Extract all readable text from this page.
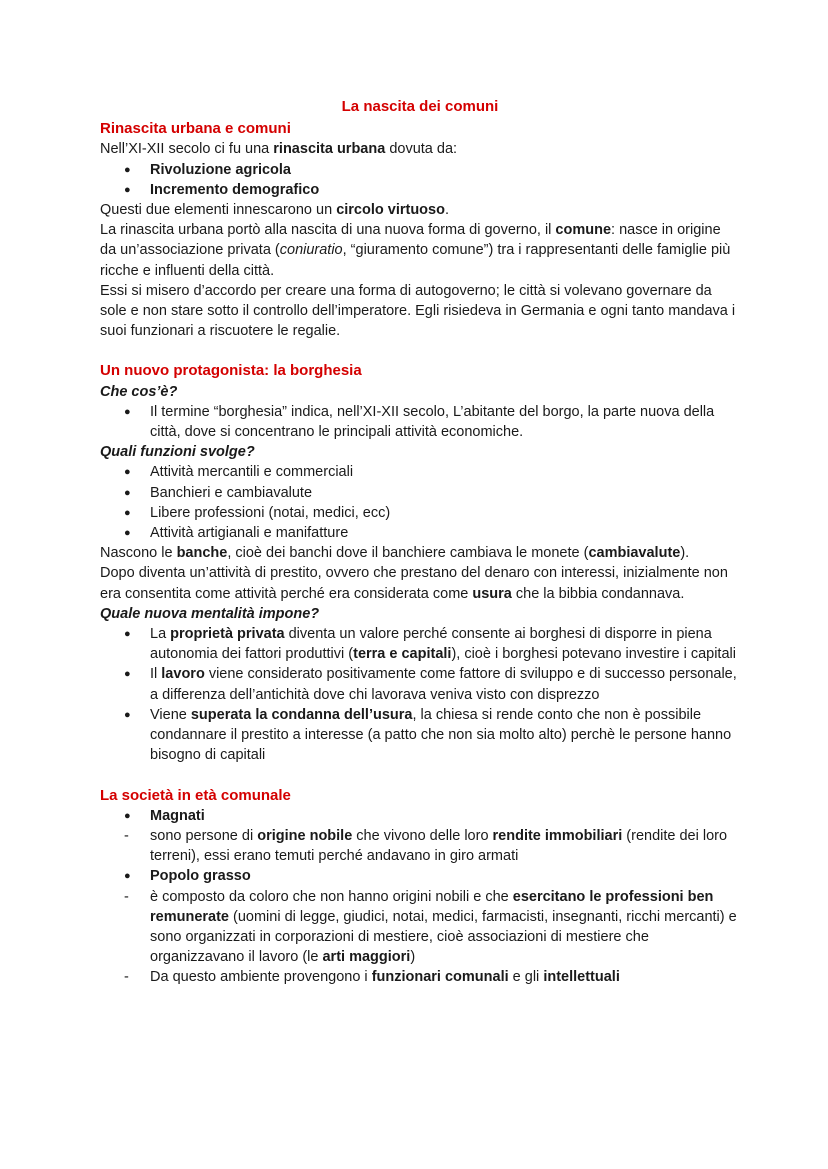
La nascita dei comuni

Rinascita urbana e comuni

Nell’XI-XII secolo ci fu una rinascita urbana dovuta da:

● Rivoluzione agricola
● Incremento demografico

Questi due elementi innescarono un circolo virtuoso.

La rinascita urbana portò alla nascita di una nuova forma di governo, il comune: nasce in origine da un’associazione privata (coniuratio, “giuramento comune”) tra i rappresentanti delle famiglie più ricche e influenti della città.

Essi si misero d’accordo per creare una forma di autogoverno; le città si volevano governare da sole e non stare sotto il controllo dell’imperatore. Egli risiedeva in Germania e ogni tanto mandava i suoi funzionari a riscuotere le regalie.

Un nuovo protagonista: la borghesia

Che cos’è?

● Il termine “borghesia” indica, nell’XI-XII secolo, L’abitante del borgo, la parte nuova della città, dove si concentrano le principali attività economiche.

Quali funzioni svolge?

● Attività mercantili e commerciali
● Banchieri e cambiavalute
● Libere professioni (notai, medici, ecc)
● Attività artigianali e manifatture

Nascono le banche, cioè dei banchi dove il banchiere cambiava le monete (cambiavalute).

Dopo diventa un’attività di prestito, ovvero che prestano del denaro con interessi, inizialmente non era consentita come attività perché era considerata come usura che la bibbia condannava.

Quale nuova mentalità impone?

● La proprietà privata diventa un valore perché consente ai borghesi di disporre in piena autonomia dei fattori produttivi (terra e capitali), cioè i borghesi potevano investire i capitali
● Il lavoro viene considerato positivamente come fattore di sviluppo e di successo personale, a differenza dell’antichità dove chi lavorava veniva visto con disprezzo
● Viene superata la condanna dell’usura, la chiesa si rende conto che non è possibile condannare il prestito a interesse (a patto che non sia molto alto) perchè le persone hanno bisogno di capitali

La società in età comunale

● Magnati
- sono persone di origine nobile che vivono delle loro rendite immobiliari (rendite dei loro terreni), essi erano temuti perché andavano in giro armati
● Popolo grasso
- è composto da coloro che non hanno origini nobili e che esercitano le professioni ben remunerate (uomini di legge, giudici, notai, medici, farmacisti, insegnanti, ricchi mercanti) e sono organizzati in corporazioni di mestiere, cioè associazioni di mestiere che organizzavano il lavoro (le arti maggiori)
- Da questo ambiente provengono i funzionari comunali e gli intellettuali
